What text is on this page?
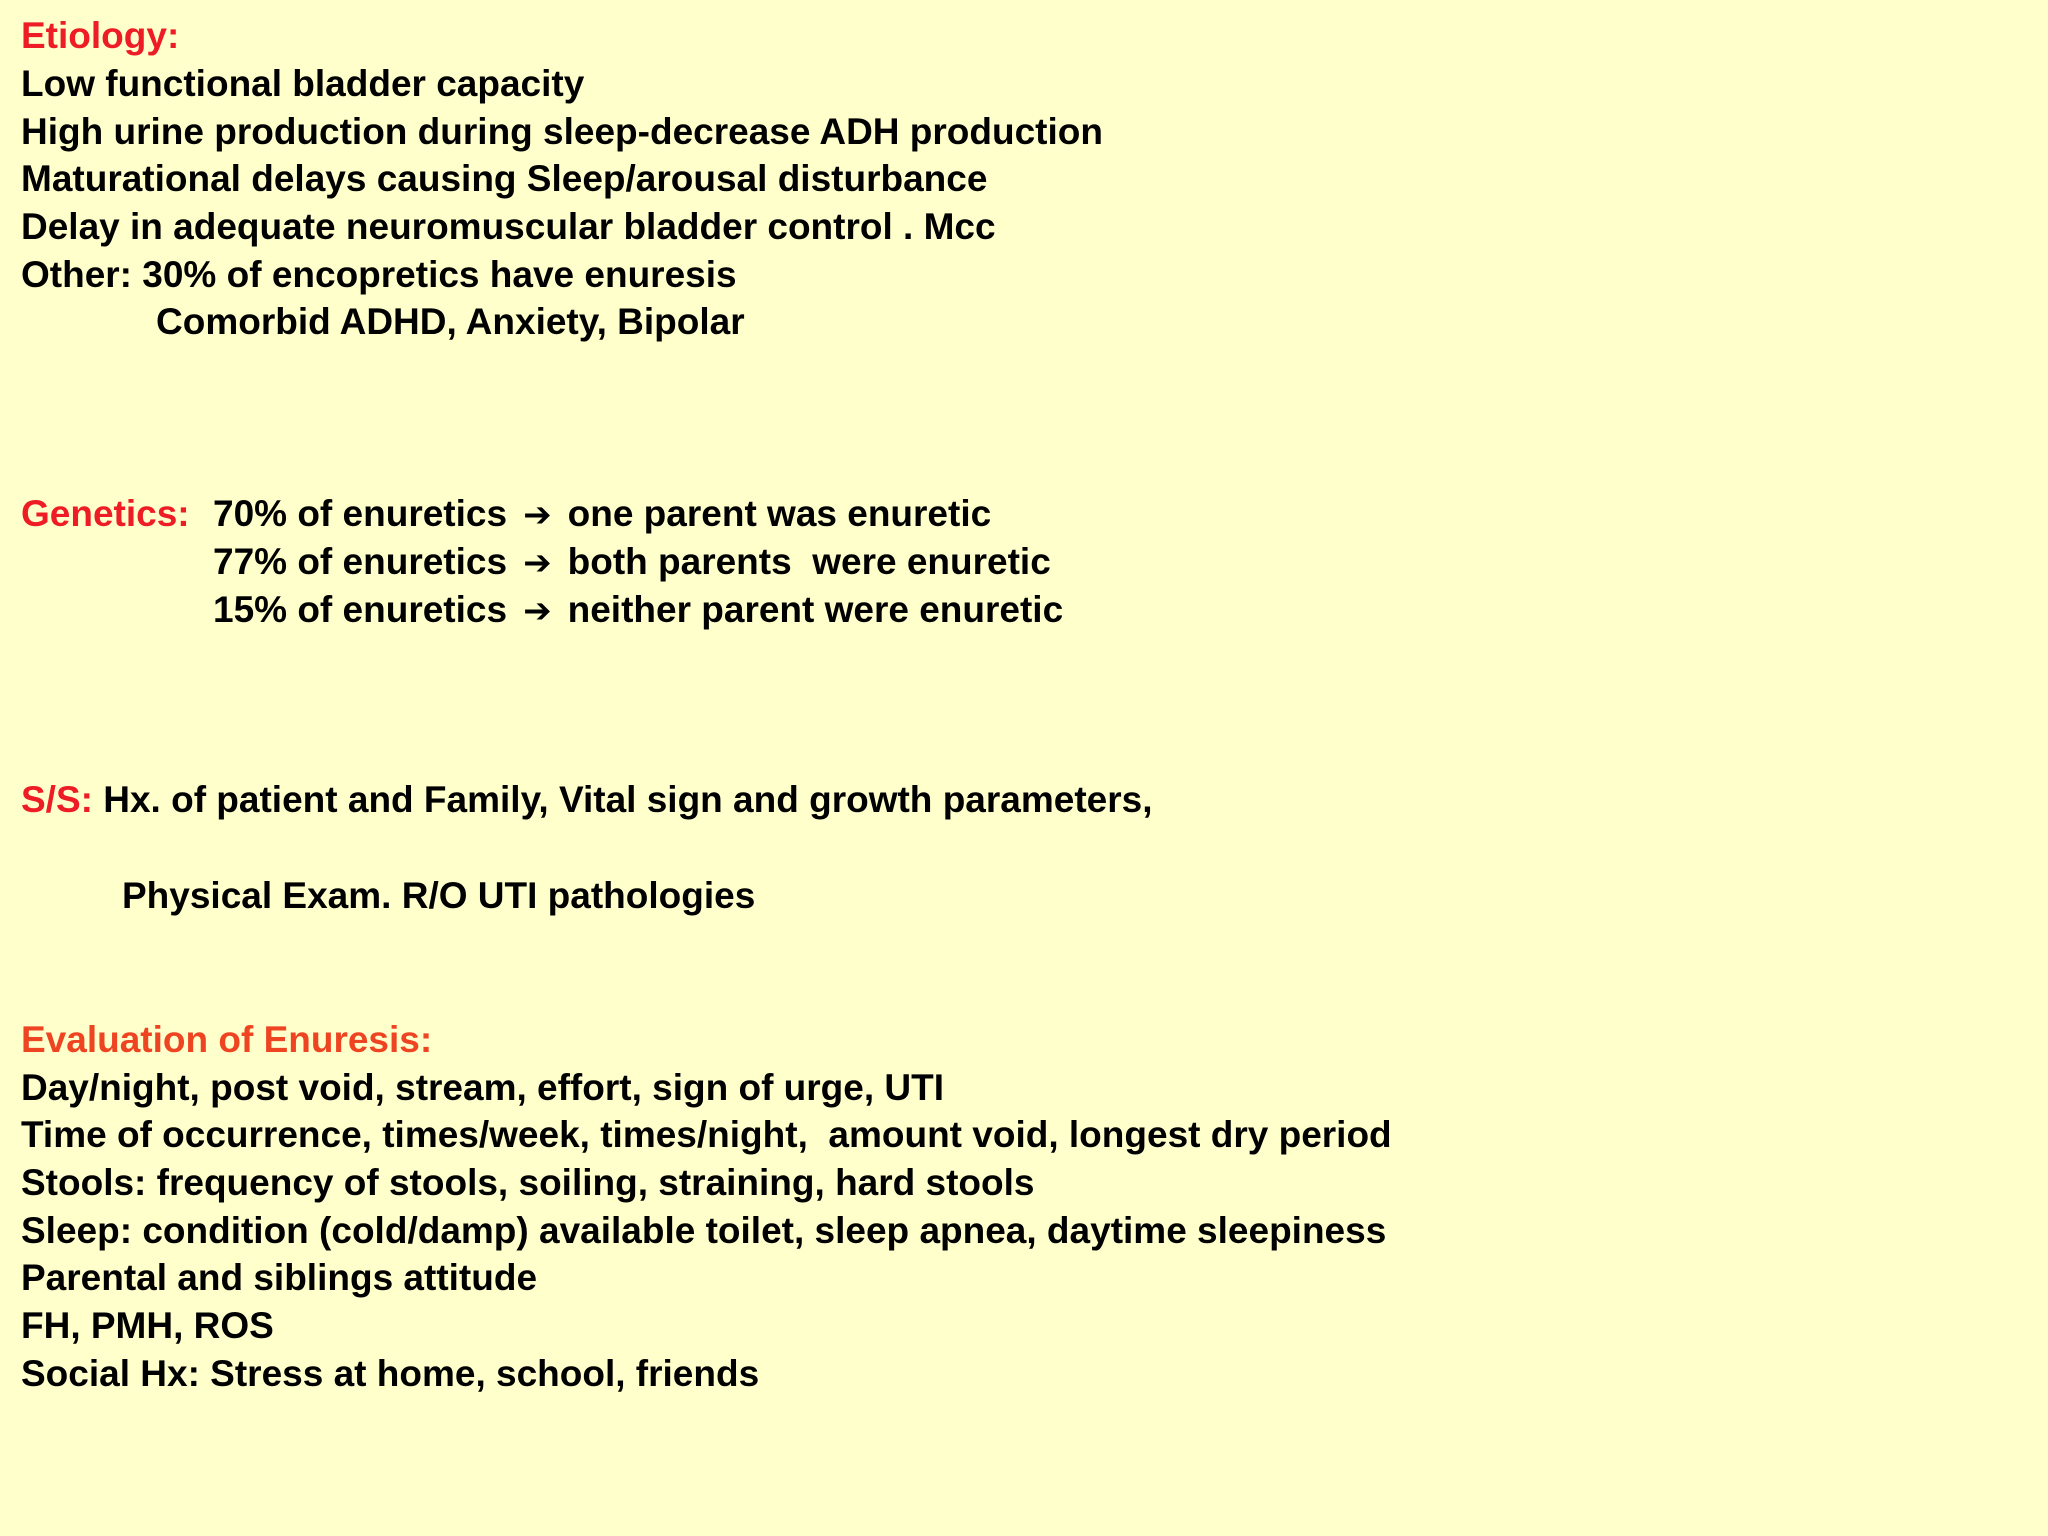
Etiology:
Low functional bladder capacity
High urine production during sleep-decrease ADH production
Maturational delays causing Sleep/arousal disturbance
Delay in adequate neuromuscular bladder control . Mcc
Other: 30% of encopretics have enuresis
Comorbid ADHD, Anxiety, Bipolar
Genetics: 70% of enuretics ➔ one parent was enuretic
77% of enuretics ➔ both parents  were enuretic
15% of enuretics ➔ neither parent were enuretic
S/S: Hx. of patient and Family, Vital sign and growth parameters,
Physical Exam. R/O UTI pathologies
Evaluation of Enuresis:
Day/night, post void, stream, effort, sign of urge, UTI
Time of occurrence, times/week, times/night,  amount void, longest dry period
Stools: frequency of stools, soiling, straining, hard stools
Sleep: condition (cold/damp) available toilet, sleep apnea, daytime sleepiness
Parental and siblings attitude
FH, PMH, ROS
Social Hx: Stress at home, school, friends
